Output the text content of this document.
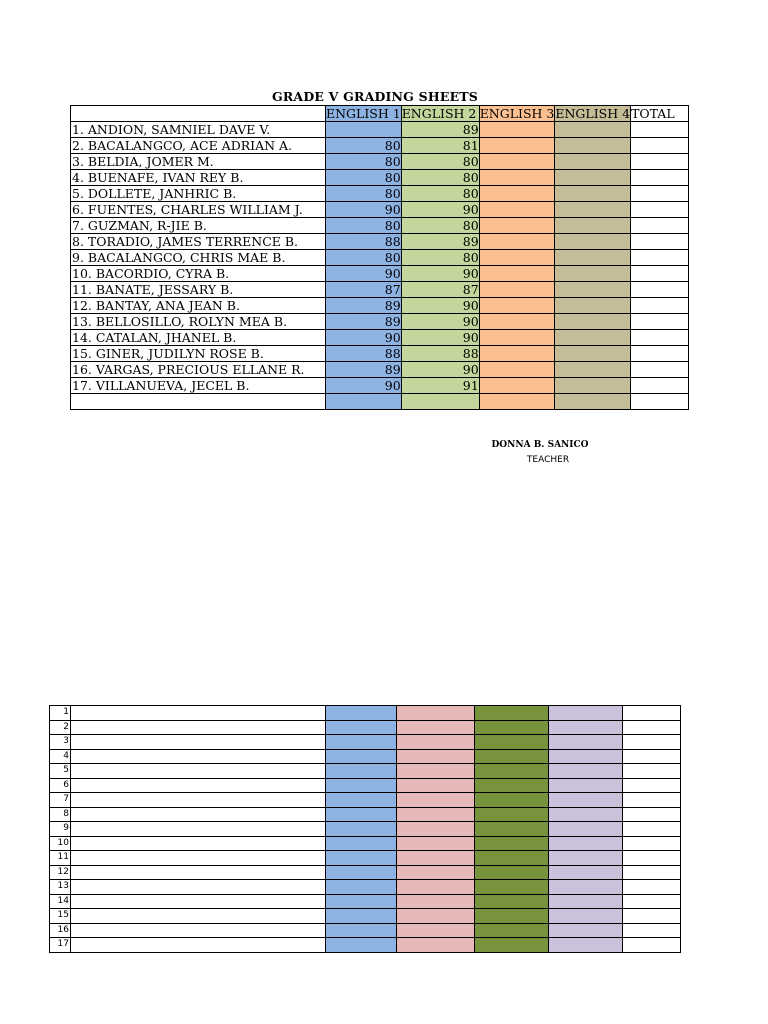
GRADE V GRADING SHEETS
	ENGLISH 1	ENGLISH 2	ENGLISH 3	ENGLISH 4	TOTAL
1. ANDION, SAMNIEL DAVE V.		89			
2. BACALANGCO, ACE ADRIAN A.	80	81			
3. BELDIA, JOMER M.	80	80			
4. BUENAFE, IVAN REY B.	80	80			
5. DOLLETE, JANHRIC B.	80	80			
6. FUENTES, CHARLES WILLIAM J.	90	90			
7. GUZMAN, R-JIE B.	80	80			
8. TORADIO, JAMES TERRENCE B.	88	89			
9. BACALANGCO, CHRIS MAE B.	80	80			
10. BACORDIO, CYRA B.	90	90			
11. BANATE, JESSARY B.	87	87			
12. BANTAY, ANA JEAN B.	89	90			
13. BELLOSILLO, ROLYN MEA B.	89	90			
14. CATALAN, JHANEL B.	90	90			
15. GINER, JUDILYN ROSE B.	88	88			
16. VARGAS, PRECIOUS ELLANE R.	89	90			
17. VILLANUEVA, JECEL B.	90	91			

DONNA B. SANICO
TEACHER
1						
2						
3						
4						
5						
6						
7						
8						
9						
10						
11						
12						
13						
14						
15						
16						
17						
